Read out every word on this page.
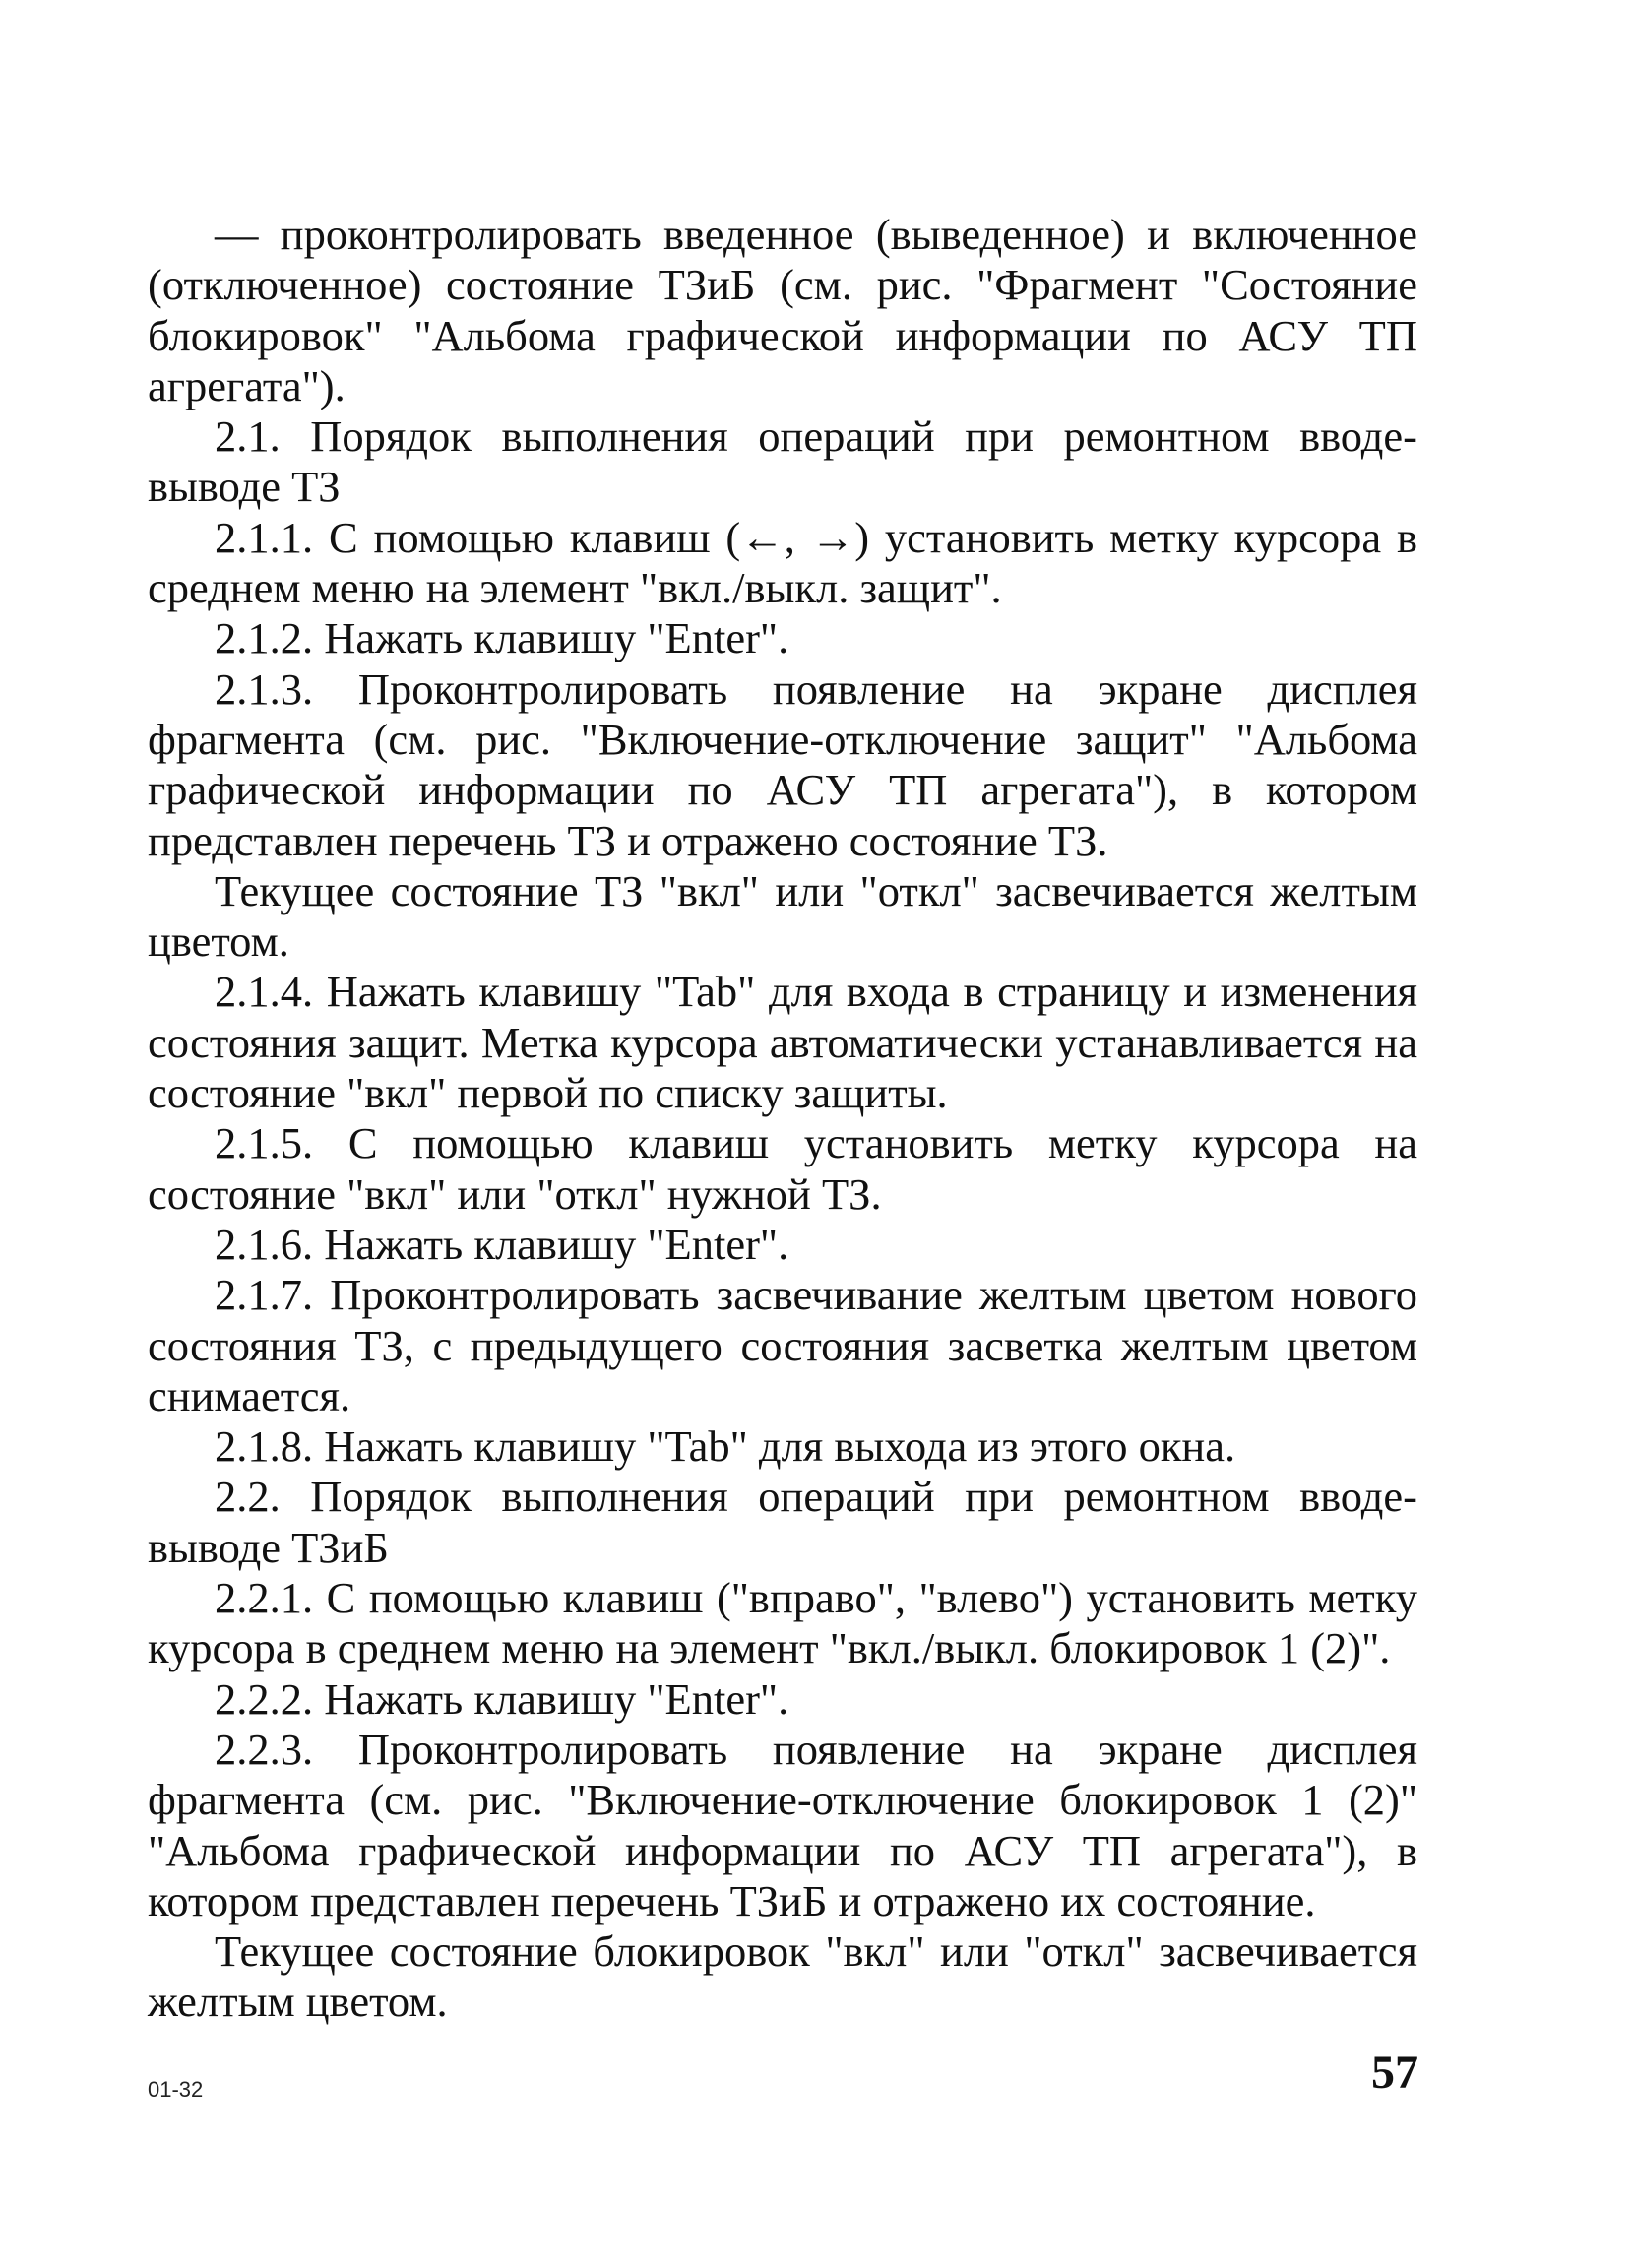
— проконтролировать введенное (выведенное) и включенное (отключенное) состояние ТЗиБ (см. рис. "Фрагмент "Состояние блокировок" "Альбома графической информации по АСУ ТП агрегата").

2.1. Порядок выполнения операций при ремонтном вводе-выводе ТЗ

2.1.1. С помощью клавиш (←, →) установить метку курсора в среднем меню на элемент "вкл./выкл. защит".

2.1.2. Нажать клавишу "Enter".

2.1.3. Проконтролировать появление на экране дисплея фрагмента (см. рис. "Включение-отключение защит" "Альбома графической информации по АСУ ТП агрегата"), в котором представлен перечень ТЗ и отражено состояние ТЗ.

Текущее состояние ТЗ "вкл" или "откл" засвечивается желтым цветом.

2.1.4. Нажать клавишу "Tab" для входа в страницу и изменения состояния защит. Метка курсора автоматически устанавливается на состояние "вкл" первой по списку защиты.

2.1.5. С помощью клавиш установить метку курсора на состояние "вкл" или "откл" нужной ТЗ.

2.1.6. Нажать клавишу "Enter".

2.1.7. Проконтролировать засвечивание желтым цветом нового состояния ТЗ, с предыдущего состояния засветка желтым цветом снимается.

2.1.8. Нажать клавишу "Tab" для выхода из этого окна.

2.2. Порядок выполнения операций при ремонтном вводе-выводе ТЗиБ

2.2.1. С помощью клавиш ("вправо", "влево") установить метку курсора в среднем меню на элемент "вкл./выкл. блокировок 1 (2)".

2.2.2. Нажать клавишу "Enter".

2.2.3. Проконтролировать появление на экране дисплея фрагмента (см. рис. "Включение-отключение блокировок 1 (2)" "Альбома графической информации по АСУ ТП агрегата"), в котором представлен перечень ТЗиБ и отражено их состояние.

Текущее состояние блокировок "вкл" или "откл" засвечивается желтым цветом.

01-32	57
